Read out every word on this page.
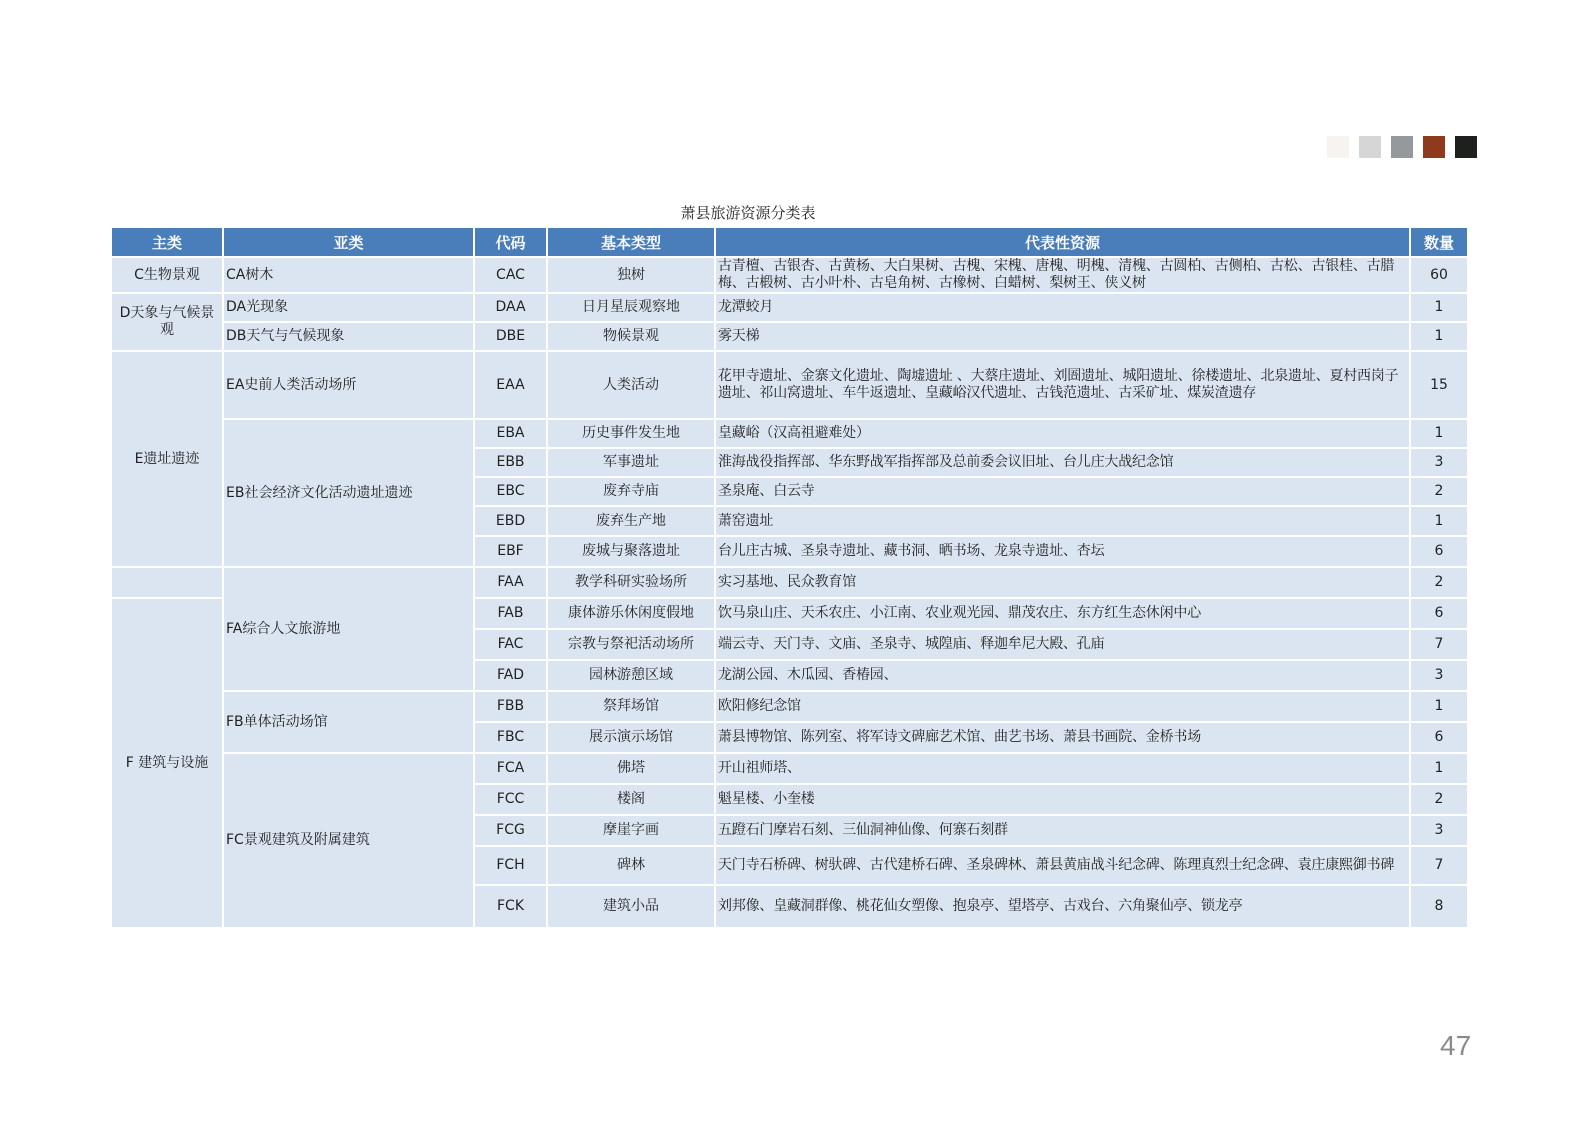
萧县旅游资源分类表
主类	亚类	代码	基本类型	代表性资源	数量
C生物景观	CA树木	CAC	独树	古青檀、古银杏、古黄杨、大白果树、古槐、宋槐、唐槐、明槐、清槐、古圆柏、古侧柏、古松、古银桂、古腊梅、古椴树、古小叶朴、古皂角树、古橡树、白蜡树、梨树王、侠义树	60
D天象与气候景观	DA光现象	DAA	日月星辰观察地	龙潭蛟月	1
	DB天气与气候现象	DBE	物候景观	雾天梯	1
E遗址遗迹	EA史前人类活动场所	EAA	人类活动	花甲寺遗址、金寨文化遗址、陶墟遗址 、大蔡庄遗址、刘圄遗址、城阳遗址、徐楼遗址、北泉遗址、夏村西岗子遗址、祁山窝遗址、车牛返遗址、皇藏峪汉代遗址、古钱范遗址、古采矿址、煤炭渣遗存	15
	EB社会经济文化活动遗址遗迹	EBA	历史事件发生地	皇藏峪（汉高祖避难处）	1
		EBB	军事遗址	淮海战役指挥部、华东野战军指挥部及总前委会议旧址、台儿庄大战纪念馆	3
		EBC	废弃寺庙	圣泉庵、白云寺	2
		EBD	废弃生产地	萧窑遗址	1
		EBF	废城与聚落遗址	台儿庄古城、圣泉寺遗址、藏书洞、晒书场、龙泉寺遗址、杏坛	6
	FA综合人文旅游地	FAA	教学科研实验场所	实习基地、民众教育馆	2
F 建筑与设施		FAB	康体游乐休闲度假地	饮马泉山庄、天禾农庄、小江南、农业观光园、鼎茂农庄、东方红生态休闲中心	6
		FAC	宗教与祭祀活动场所	端云寺、天门寺、文庙、圣泉寺、城隍庙、释迦牟尼大殿、孔庙	7
		FAD	园林游憩区域	龙湖公园、木瓜园、香椿园、	3
	FB单体活动场馆	FBB	祭拜场馆	欧阳修纪念馆	1
		FBC	展示演示场馆	萧县博物馆、陈列室、将军诗文碑廊艺术馆、曲艺书场、萧县书画院、金桥书场	6
	FC景观建筑及附属建筑	FCA	佛塔	开山祖师塔、	1
		FCC	楼阁	魁星楼、小奎楼	2
		FCG	摩崖字画	五蹬石门摩岩石刻、三仙洞神仙像、何寨石刻群	3
		FCH	碑林	天门寺石桥碑、树驮碑、古代建桥石碑、圣泉碑林、萧县黄庙战斗纪念碑、陈理真烈士纪念碑、袁庄康熙御书碑	7
		FCK	建筑小品	刘邦像、皇藏洞群像、桃花仙女塑像、抱泉亭、望塔亭、古戏台、六角聚仙亭、锁龙亭	8
47
